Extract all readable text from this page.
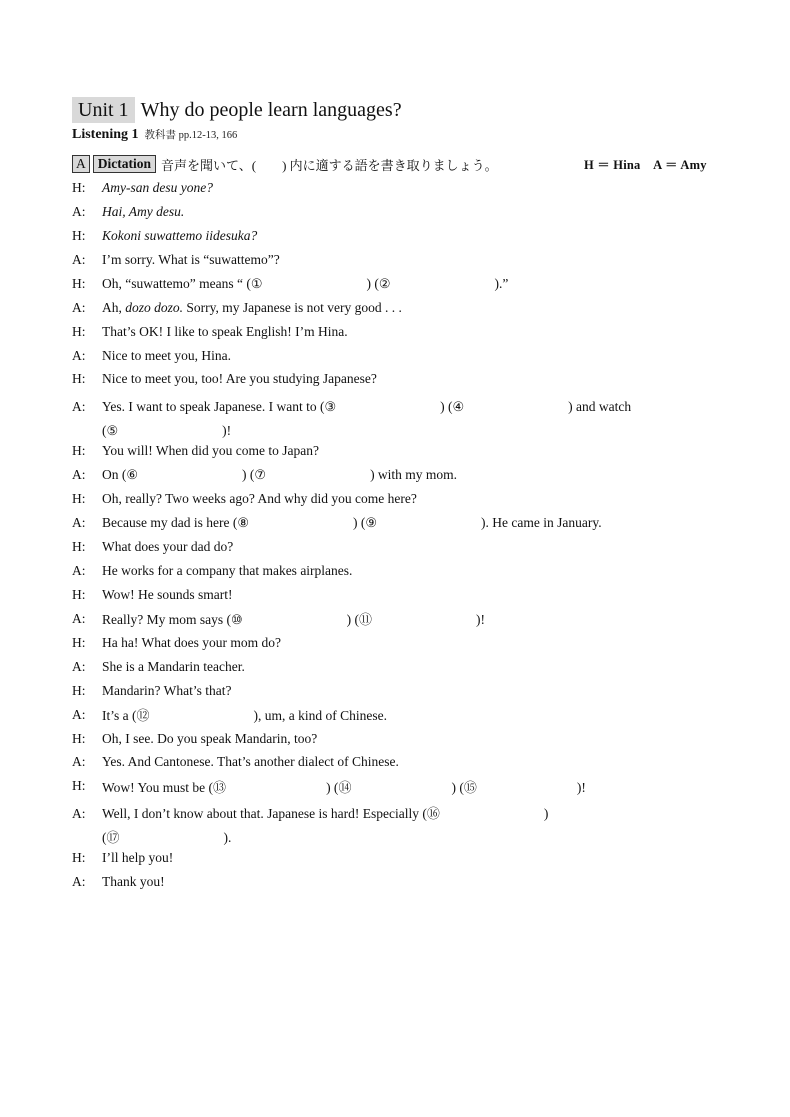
Unit 1 Why do people learn languages?
Listening 1 教科書 pp.12-13, 166
A Dictation 音声を聞いて、(　　) 内に適する語を書き取りましょう。	H ＝ Hina　A ＝ Amy
H:	Amy-san desu yone?
A:	Hai, Amy desu.
H:	Kokoni suwattemo iidesuka?
A:	I’m sorry. What is “suwattemo”?
H:	Oh, “suwattemo” means “ (①	) (②	).”
A:	Ah, dozo dozo. Sorry, my Japanese is not very good . . .
H:	That’s OK! I like to speak English! I’m Hina.
A:	Nice to meet you, Hina.
H:	Nice to meet you, too! Are you studying Japanese?
A:	Yes. I want to speak Japanese. I want to (③	) (④	) and watch
(⑤	)!
H:	You will! When did you come to Japan?
A:	On (⑥	) (⑦	) with my mom.
H:	Oh, really? Two weeks ago? And why did you come here?
A:	Because my dad is here (⑧	) (⑨	). He came in January.
H:	What does your dad do?
A:	He works for a company that makes airplanes.
H:	Wow! He sounds smart!
A:	Really? My mom says (⑩	) (⑪	)!
H:	Ha ha! What does your mom do?
A:	She is a Mandarin teacher.
H:	Mandarin? What’s that?
A:	It’s a (⑫	), um, a kind of Chinese.
H:	Oh, I see. Do you speak Mandarin, too?
A:	Yes. And Cantonese. That’s another dialect of Chinese.
H:	Wow! You must be (⑬	) (⑭	) (⑮	)!
A:	Well, I don’t know about that. Japanese is hard! Especially (⑯	)
(⑰	).
H:	I’ll help you!
A:	Thank you!
